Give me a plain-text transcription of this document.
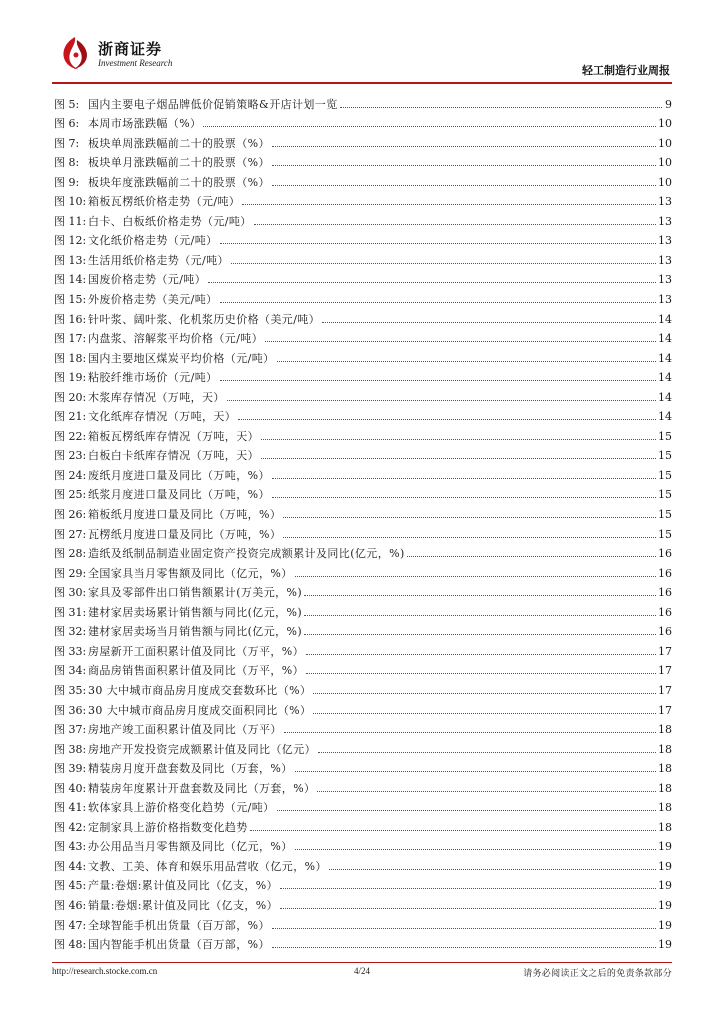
浙商证券
Investment Research
轻工制造行业周报
图 5: 国内主要电子烟品牌低价促销策略&开店计划一览	9
图 6: 本周市场涨跌幅（%）	10
图 7: 板块单周涨跌幅前二十的股票（%）	10
图 8: 板块单月涨跌幅前二十的股票（%）	10
图 9: 板块年度涨跌幅前二十的股票（%）	10
图 10: 箱板瓦楞纸价格走势（元/吨）	13
图 11: 白卡、白板纸价格走势（元/吨）	13
图 12: 文化纸价格走势（元/吨）	13
图 13: 生活用纸价格走势（元/吨）	13
图 14: 国废价格走势（元/吨）	13
图 15: 外废价格走势（美元/吨）	13
图 16: 针叶浆、阔叶浆、化机浆历史价格（美元/吨）	14
图 17: 内盘浆、溶解浆平均价格（元/吨）	14
图 18: 国内主要地区煤炭平均价格（元/吨）	14
图 19: 粘胶纤维市场价（元/吨）	14
图 20: 木浆库存情况（万吨，天）	14
图 21: 文化纸库存情况（万吨，天）	14
图 22: 箱板瓦楞纸库存情况（万吨，天）	15
图 23: 白板白卡纸库存情况（万吨，天）	15
图 24: 废纸月度进口量及同比（万吨，%）	15
图 25: 纸浆月度进口量及同比（万吨，%）	15
图 26: 箱板纸月度进口量及同比（万吨，%）	15
图 27: 瓦楞纸月度进口量及同比（万吨，%）	15
图 28: 造纸及纸制品制造业固定资产投资完成额累计及同比(亿元，%)	16
图 29: 全国家具当月零售额及同比（亿元，%）	16
图 30: 家具及零部件出口销售额累计(万美元，%)	16
图 31: 建材家居卖场累计销售额与同比(亿元，%)	16
图 32: 建材家居卖场当月销售额与同比(亿元，%)	16
图 33: 房屋新开工面积累计值及同比（万平，%）	17
图 34: 商品房销售面积累计值及同比（万平，%）	17
图 35: 30 大中城市商品房月度成交套数环比（%）	17
图 36: 30 大中城市商品房月度成交面积同比（%）	17
图 37: 房地产竣工面积累计值及同比（万平）	18
图 38: 房地产开发投资完成额累计值及同比（亿元）	18
图 39: 精装房月度开盘套数及同比（万套，%）	18
图 40: 精装房年度累计开盘套数及同比（万套，%）	18
图 41: 软体家具上游价格变化趋势（元/吨）	18
图 42: 定制家具上游价格指数变化趋势	18
图 43: 办公用品当月零售额及同比（亿元，%）	19
图 44: 文教、工美、体育和娱乐用品营收（亿元，%）	19
图 45: 产量:卷烟:累计值及同比（亿支，%）	19
图 46: 销量:卷烟:累计值及同比（亿支，%）	19
图 47: 全球智能手机出货量（百万部，%）	19
图 48: 国内智能手机出货量（百万部，%）	19
http://research.stocke.com.cn	4/24	请务必阅读正文之后的免责条款部分
